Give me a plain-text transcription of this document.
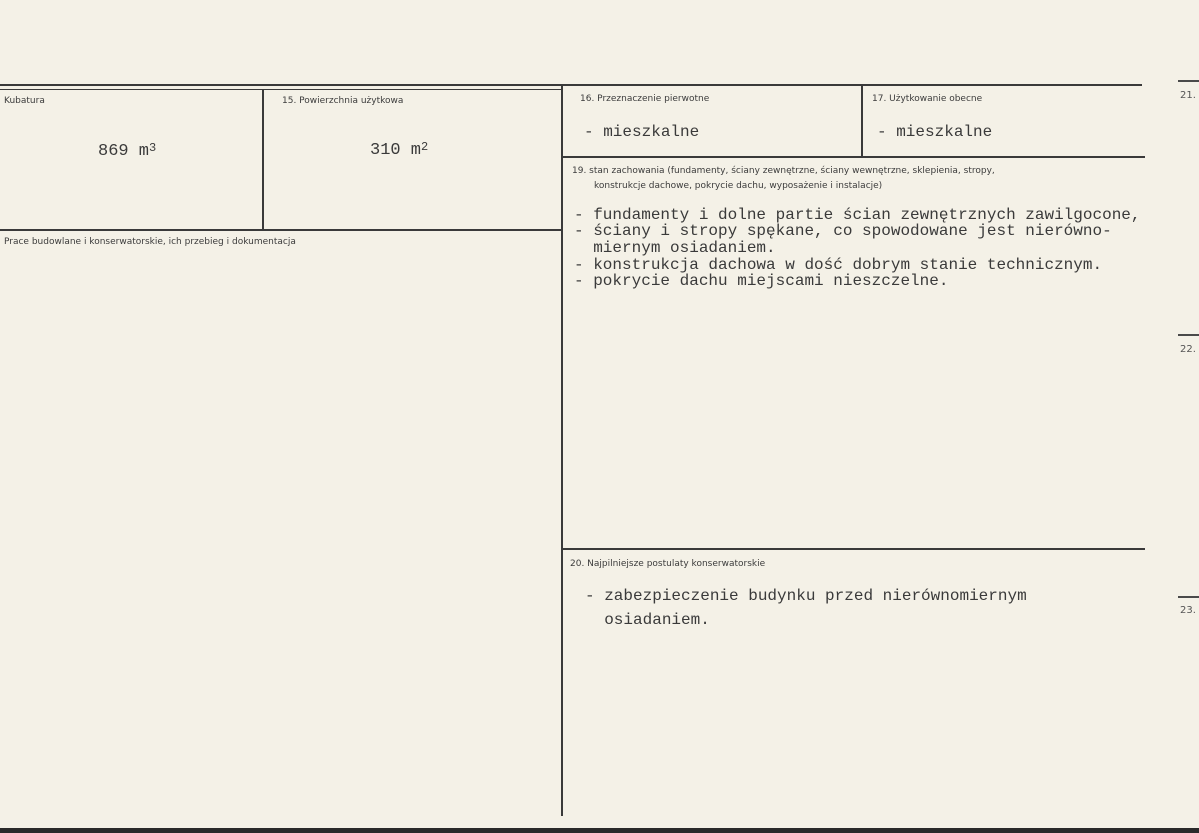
Kubatura
869 $m^3$
15. Powierzchnia użytkowa
310 $m^2$
16. Przeznaczenie pierwotne
- mieszkalne
17. Użytkowanie obecne
- mieszkalne
Prace budowlane i konserwatorskie, ich przebieg i dokumentacja
19. stan zachowania (fundamenty, ściany zewnętrzne, ściany wewnętrzne, sklepienia, stropy,
konstrukcje dachowe, pokrycie dachu, wyposażenie i instalacje)
- fundamenty i dolne partie ścian zewnętrznych zawilgocone,
- ściany i stropy spękane, co spowodowane jest nierówno-
miernym osiadaniem.
- konstrukcja dachowa w dość dobrym stanie technicznym.
- pokrycie dachu miejscami nieszczelne.
20. Najpilniejsze postulaty konserwatorskie
- zabezpieczenie budynku przed nierównomiernym
osiadaniem.
21.
22.
23.
